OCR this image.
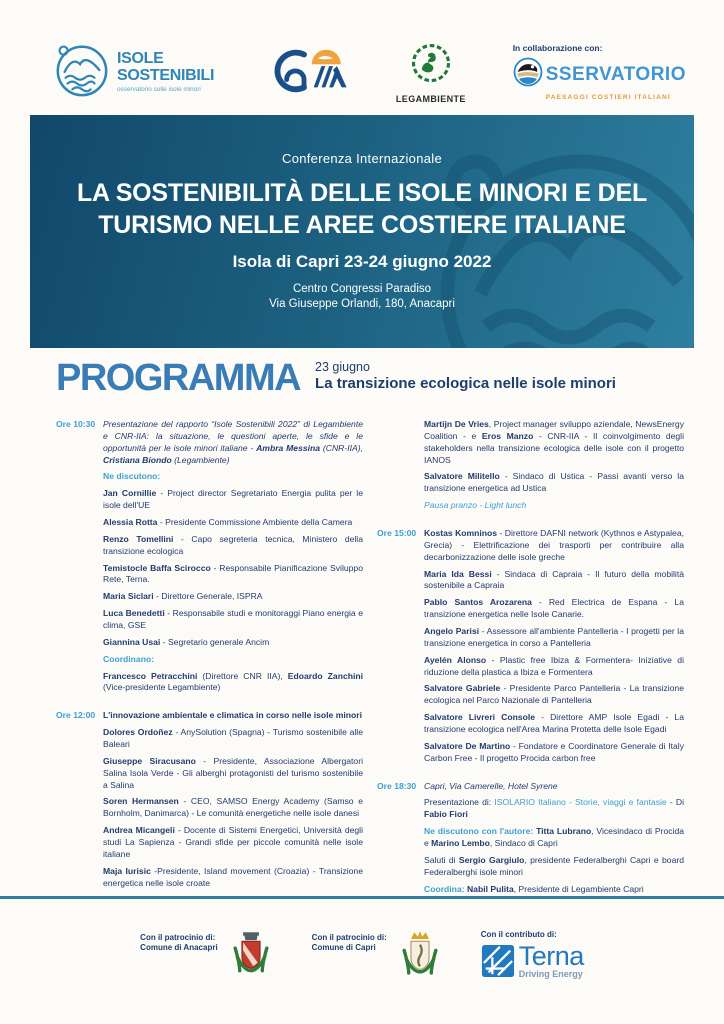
ISOLE
SOSTENIBILI
osservatorio sulle isole minori
LEGAMBIENTE
In collaborazione con:
SSERVATORIO
PAESAGGI COSTIERI ITALIANI
Conferenza Internazionale
LA SOSTENIBILITÀ DELLE ISOLE MINORI E DEL
TURISMO NELLE AREE COSTIERE ITALIANE
Isola di Capri 23-24 giugno 2022
Centro Congressi Paradiso
Via Giuseppe Orlandi, 180, Anacapri
PROGRAMMA 23 giugno
La transizione ecologica nelle isole minori
Ore 10:30 Presentazione del rapporto “Isole Sostenibili 2022” di Legambiente e CNR-IIA: la situazione, le questioni aperte, le sfide e le opportunità per le isole minori italiane - Ambra Messina (CNR-IIA), Cristiana Biondo (Legambiente)

Ne discutono:

Jan Cornillie - Project director Segretariato Energia pulita per le isole dell'UE

Alessia Rotta - Presidente Commissione Ambiente della Camera

Renzo Tomellini - Capo segreteria tecnica, Ministero della transizione ecologica

Temistocle Baffa Scirocco - Responsabile Pianificazione Sviluppo Rete, Terna.

Maria Siclari - Direttore Generale, ISPRA

Luca Benedetti - Responsabile studi e monitoraggi Piano energia e clima, GSE

Giannina Usai - Segretario generale Ancim

Coordinano:

Francesco Petracchini (Direttore CNR IIA), Edoardo Zanchini (Vice-presidente Legambiente)

Ore 12:00 L'innovazione ambientale e climatica in corso nelle isole minori

Dolores Ordoñez - AnySolution (Spagna) - Turismo sostenibile alle Baleari

Giuseppe Siracusano - Presidente, Associazione Albergatori Salina Isola Verde - Gli alberghi protagonisti del turismo sostenibile a Salina

Soren Hermansen - CEO, SAMSO Energy Academy (Samso e Bornholm, Danimarca) - Le comunità energetiche nelle isole danesi

Andrea Micangeli - Docente di Sistemi Energetici, Università degli studi La Sapienza - Grandi sfide per piccole comunità nelle isole italiane

Maja Iurisic -Presidente, Island movement (Croazia) - Transizione energetica nelle isole croate

Martijn De Vries, Project manager sviluppo aziendale, NewsEnergy Coalition - e Eros Manzo - CNR-IIA - Il coinvolgimento degli stakeholders nella transizione ecologica delle isole con il progetto IANOS

Salvatore Militello - Sindaco di Ustica - Passi avanti verso la transizione energetica ad Ustica

Pausa pranzo - Light lunch

Ore 15:00 Kostas Komninos - Direttore DAFNI network (Kythnos e Astypalea, Grecia) - Elettrificazione dei trasporti per contribuire alla decarbonizzazione delle isole greche

Maria Ida Bessi - Sindaca di Capraia - Il futuro della mobilità sostenibile a Capraia

Pablo Santos Arozarena - Red Electrica de Espana - La transizione energetica nelle Isole Canarie.

Angelo Parisi - Assessore all'ambiente Pantelleria - I progetti per la transizione energetica in corso a Pantelleria

Ayelén Alonso - Plastic free Ibiza & Formentera- Iniziative di riduzione della plastica a Ibiza e Formentera

Salvatore Gabriele - Presidente Parco Pantelleria - La transizione ecologica nel Parco Nazionale di Pantelleria

Salvatore Livreri Console - Direttore AMP Isole Egadi - La transizione ecologica nell'Area Marina Protetta delle Isole Egadi

Salvatore De Martino - Fondatore e Coordinatore Generale di Italy Carbon Free - Il progetto Procida carbon free

Ore 18:30 Capri, Via Camerelle, Hotel Syrene

Presentazione di: ISOLARIO Italiano - Storie, viaggi e fantasie - Di Fabio Fiori

Ne discutono con l'autore: Titta Lubrano, Vicesindaco di Procida e Marino Lembo, Sindaco di Capri

Saluti di Sergio Gargiulo, presidente Federalberghi Capri e board Federalberghi isole minori

Coordina: Nabil Pulita, Presidente di Legambiente Capri

Con il patrocinio di:
Comune di Anacapri
Con il patrocinio di:
Comune di Capri
Con il contributo di:
Terna
Driving Energy
